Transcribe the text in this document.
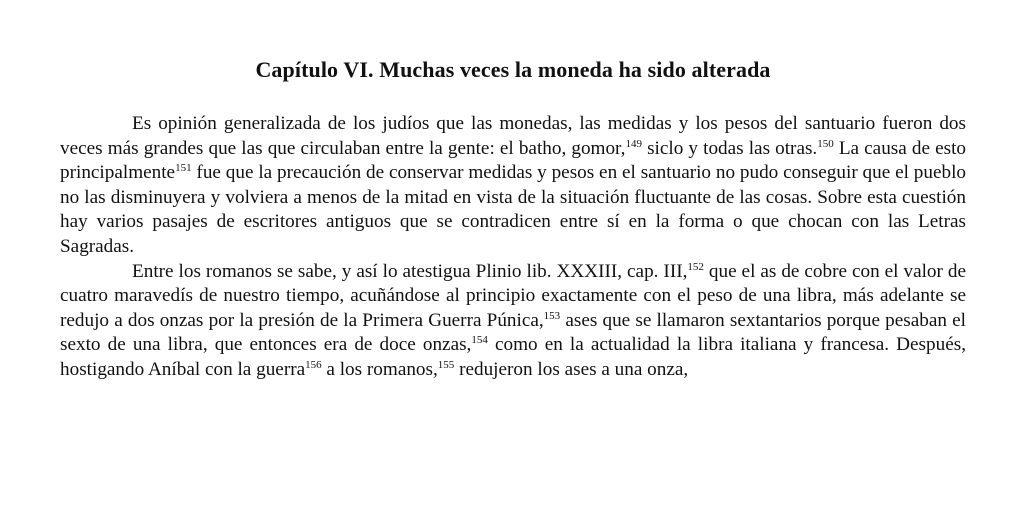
Capítulo VI. Muchas veces la moneda ha sido alterada

Es opinión generalizada de los judíos que las monedas, las medidas y los pesos del santuario fueron dos veces más grandes que las que circulaban entre la gente: el batho, gomor,$^{149}$ siclo y todas las otras.$^{150}$ La causa de esto principalmente$^{151}$ fue que la precaución de conservar medidas y pesos en el santuario no pudo conseguir que el pueblo no las disminuyera y volviera a menos de la mitad en vista de la situación fluctuante de las cosas. Sobre esta cuestión hay varios pasajes de escritores antiguos que se contradicen entre sí en la forma o que chocan con las Letras Sagradas.

Entre los romanos se sabe, y así lo atestigua Plinio lib. XXXIII, cap. III,$^{152}$ que el as de cobre con el valor de cuatro maravedís de nuestro tiempo, acuñándose al principio exactamente con el peso de una libra, más adelante se redujo a dos onzas por la presión de la Primera Guerra Púnica,$^{153}$ ases que se llamaron sextantarios porque pesaban el sexto de una libra, que entonces era de doce onzas,$^{154}$ como en la actualidad la libra italiana y francesa. Después, hostigando Aníbal con la guerra$^{156}$ a los romanos,$^{155}$ redujeron los ases a una onza,
